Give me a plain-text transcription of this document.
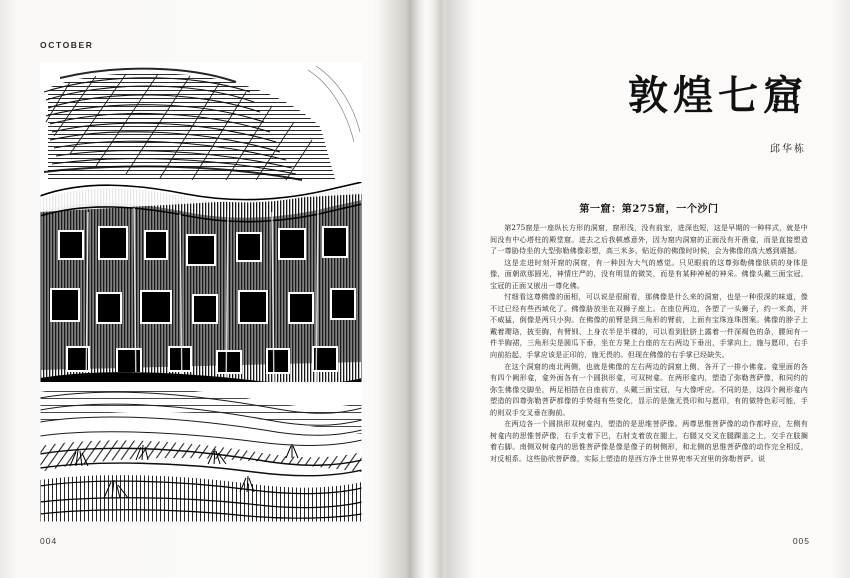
OCTOBER
004
敦煌七窟
邱华栋
第一窟：第275窟，一个沙门

第275窟是一座纵长方形的洞窟，窟形浅，没有前室，进深也短，这是早期的一种样式，就是中间没有中心塔柱的殿堂窟。进去之后我顿感意外，因为窟内洞窟的正面没有开凿龛，而是直接塑造了一尊胁侍坐的大型弥勒佛像彩塑，高三米多，贴近你的佛像时时候，会为佛像的高大感到震撼。

这是走进时刻开窟的洞窟，有一种因为大气的感觉。只见眼前的这尊弥勒佛像肤质的身体是像，面朝欲那圆光，神情庄严的，没有明显的微笑，而是有某种神秘的神采。佛像头戴三面宝冠，宝冠的正面又嵌出一尊化佛。

忖细看这尊佛像的面相，可以说是很耐看，那佛像是什么来的洞窟，也是一种很深的味道，像不过已经有些西域化了。佛像胁放坐在双狮子座上。在座位两边，各塑了一头狮子，约一米高，并不威猛，倒像是两只小狗。在佛像的前臂是到三角形的臂前，上面有宝珠连珠图案。佛像的脖子上戴着璎珞，披至胸，有臂钏、上身衣半是半裸的，可以看到肚脐上露着一件深褐色的条，腰间有一件半胸裙，三角形尖是圆瓜下垂，坐在方凳上台座的左右两边下垂出，手掌向上，施与愿印，右手向前抬起，手掌应该是正印的，施无畏的。但现在佛像的右手掌已经缺失。

在这个洞窟的南北两侧，也就是佛像的左右两边的洞窟上侧，各开了一排小佛龛。龛里面的各有四个阙形龛，龛外面各有一个圆拱形龛，可双树龛。在两形龛内，塑造了弥勒菩萨像，和同约的弥生佛像交脚坐，两足相搭在自座前方，头戴三面宝冠，与大像呼应。不同的是，这四个阙形龛内塑造的四尊弥勒菩萨都像的手势细有些变化，显示的是施无畏印和与愿印，有的做特色彩可能，手的则双手交叉垂在胸前。

在两边各一个圆拱形双树龛内，塑造的是思维菩萨像。两尊思惟菩萨像的动作都呼应，左侧有树龛内的思惟菩萨像，右手支着下巴，右肘支着放在腿上，右腿又交叉在腿踝盖之上，交手在肢搁着右脚。南侧双树龛内的思惟菩萨像是像是像子的树侧形，和北侧的思惟菩萨像的动作完全相反，对反相系。这些胁欣菩萨像，实际上塑造的是西方净土世界兜率天宫里的弥勒菩萨。说

005
